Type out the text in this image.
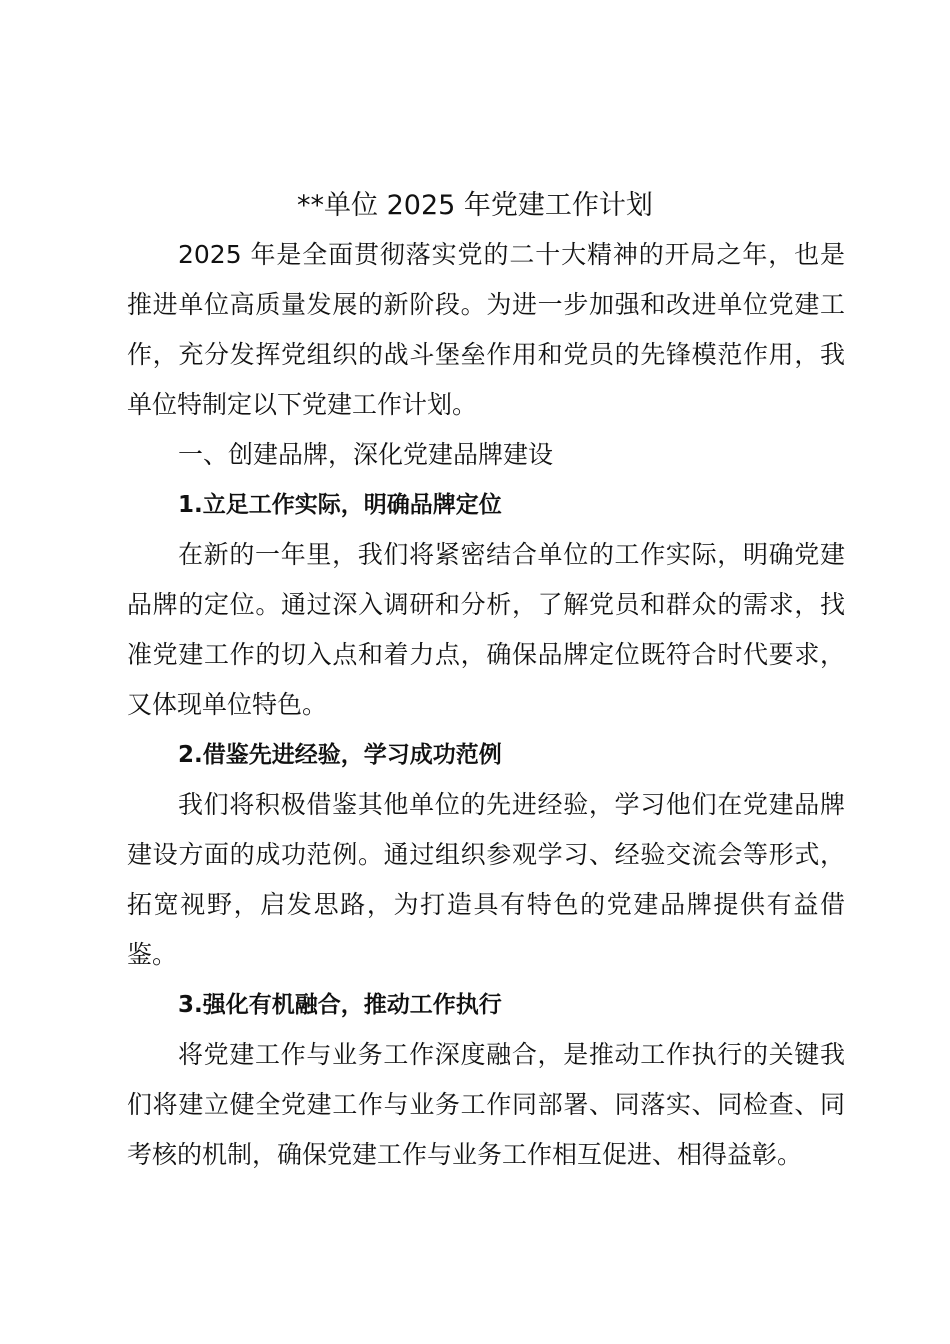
**单位 2025 年党建工作计划

2025 年是全面贯彻落实党的二十大精神的开局之年，也是推进单位高质量发展的新阶段。为进一步加强和改进单位党建工作，充分发挥党组织的战斗堡垒作用和党员的先锋模范作用，我单位特制定以下党建工作计划。

一、创建品牌，深化党建品牌建设

1.立足工作实际，明确品牌定位

在新的一年里，我们将紧密结合单位的工作实际，明确党建品牌的定位。通过深入调研和分析，了解党员和群众的需求，找准党建工作的切入点和着力点，确保品牌定位既符合时代要求，又体现单位特色。

2.借鉴先进经验，学习成功范例

我们将积极借鉴其他单位的先进经验，学习他们在党建品牌建设方面的成功范例。通过组织参观学习、经验交流会等形式，拓宽视野，启发思路，为打造具有特色的党建品牌提供有益借鉴。

3.强化有机融合，推动工作执行

将党建工作与业务工作深度融合，是推动工作执行的关键我们将建立健全党建工作与业务工作同部署、同落实、同检查、同考核的机制，确保党建工作与业务工作相互促进、相得益彰。
